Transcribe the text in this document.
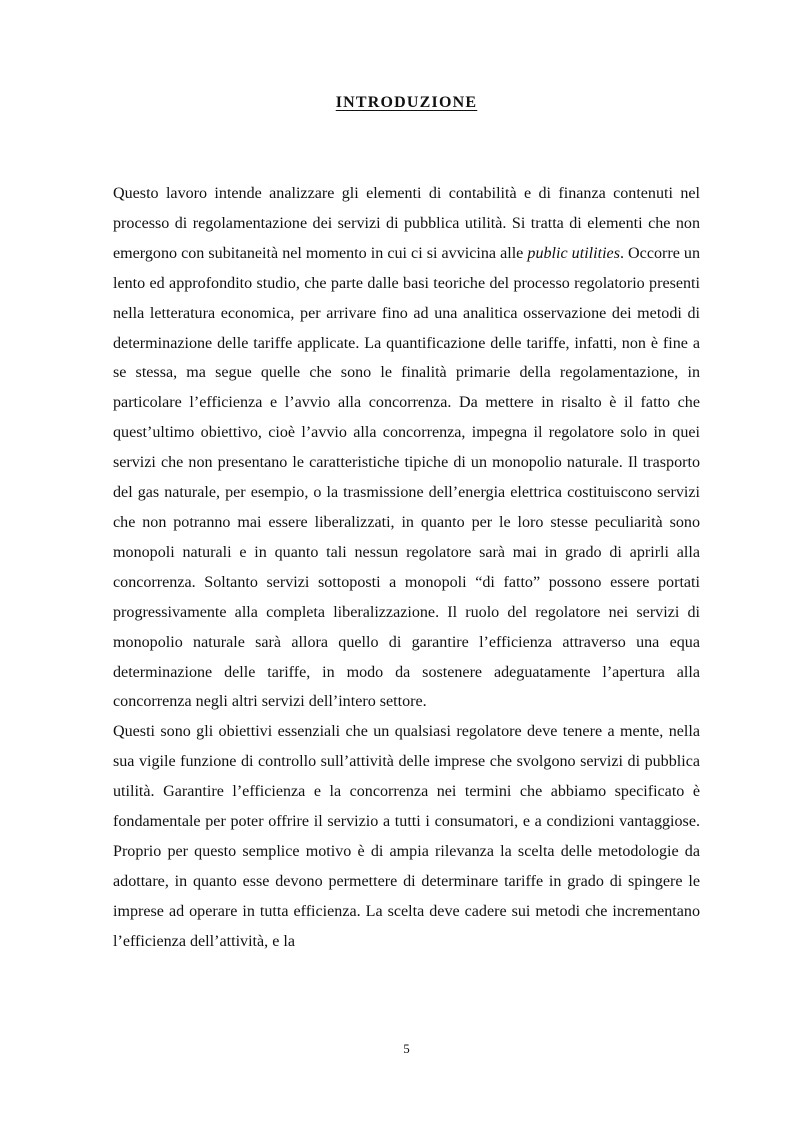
INTRODUZIONE

Questo lavoro intende analizzare gli elementi di contabilità e di finanza contenuti nel processo di regolamentazione dei servizi di pubblica utilità. Si tratta di elementi che non emergono con subitaneità nel momento in cui ci si avvicina alle public utilities. Occorre un lento ed approfondito studio, che parte dalle basi teoriche del processo regolatorio presenti nella letteratura economica, per arrivare fino ad una analitica osservazione dei metodi di determinazione delle tariffe applicate. La quantificazione delle tariffe, infatti, non è fine a se stessa, ma segue quelle che sono le finalità primarie della regolamentazione, in particolare l’efficienza e l’avvio alla concorrenza. Da mettere in risalto è il fatto che quest’ultimo obiettivo, cioè l’avvio alla concorrenza, impegna il regolatore solo in quei servizi che non presentano le caratteristiche tipiche di un monopolio naturale. Il trasporto del gas naturale, per esempio, o la trasmissione dell’energia elettrica costituiscono servizi che non potranno mai essere liberalizzati, in quanto per le loro stesse peculiarità sono monopoli naturali e in quanto tali nessun regolatore sarà mai in grado di aprirli alla concorrenza. Soltanto servizi sottoposti a monopoli “di fatto” possono essere portati progressivamente alla completa liberalizzazione. Il ruolo del regolatore nei servizi di monopolio naturale sarà allora quello di garantire l’efficienza attraverso una equa determinazione delle tariffe, in modo da sostenere adeguatamente l’apertura alla concorrenza negli altri servizi dell’intero settore.

Questi sono gli obiettivi essenziali che un qualsiasi regolatore deve tenere a mente, nella sua vigile funzione di controllo sull’attività delle imprese che svolgono servizi di pubblica utilità. Garantire l’efficienza e la concorrenza nei termini che abbiamo specificato è fondamentale per poter offrire il servizio a tutti i consumatori, e a condizioni vantaggiose. Proprio per questo semplice motivo è di ampia rilevanza la scelta delle metodologie da adottare, in quanto esse devono permettere di determinare tariffe in grado di spingere le imprese ad operare in tutta efficienza. La scelta deve cadere sui metodi che incrementano l’efficienza dell’attività, e la

5
